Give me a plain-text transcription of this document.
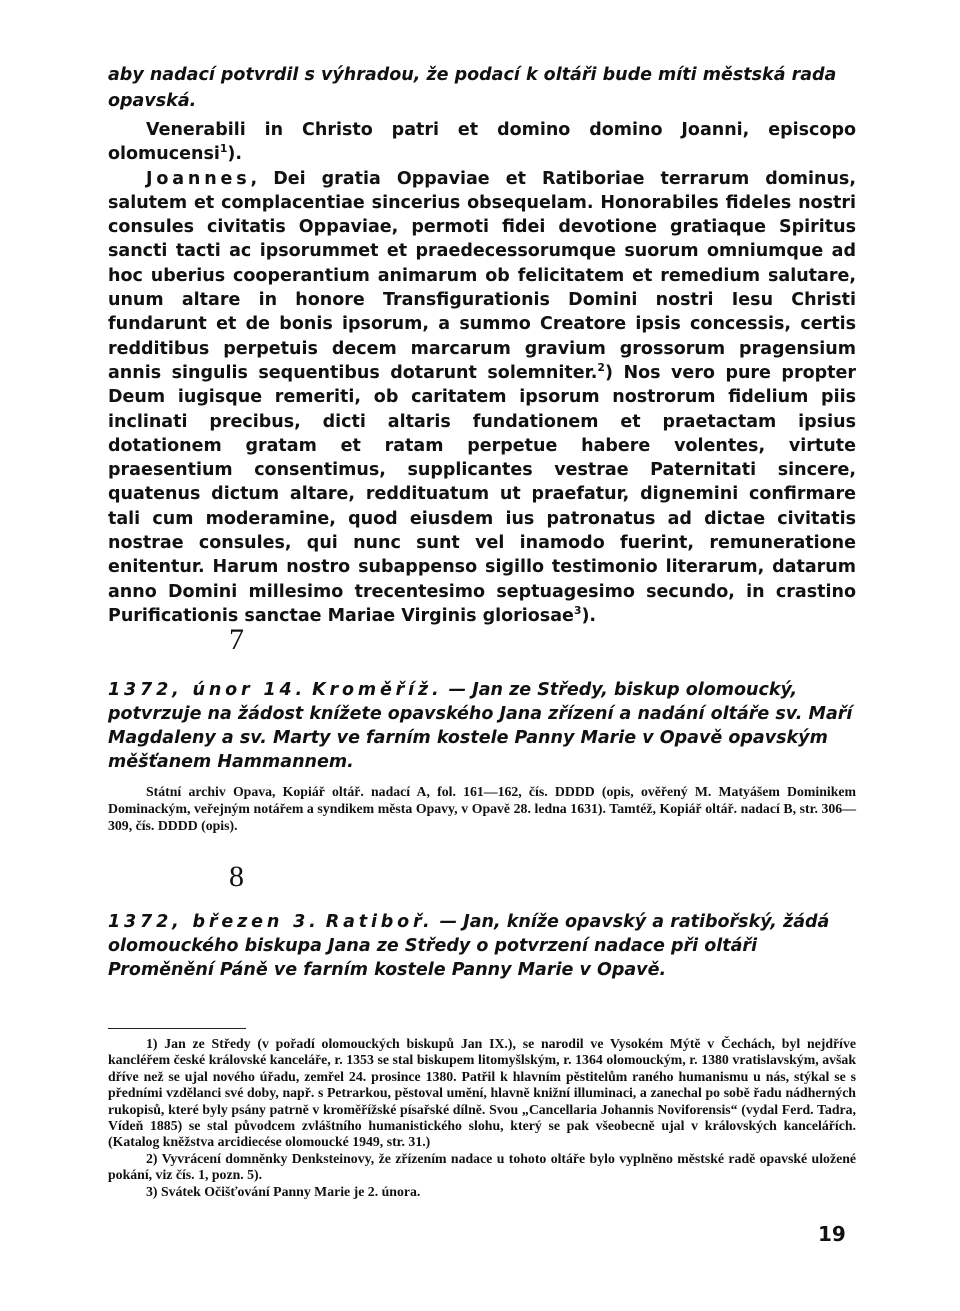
aby nadací potvrdil s výhradou, že podací k oltáři bude míti městská rada opavská.

Venerabili in Christo patri et domino domino Joanni, episcopo olomucensi$^1$).

Joannes, Dei gratia Oppaviae et Ratiboriae terrarum dominus, salutem et complacentiae sincerius obsequelam. Honorabiles fideles nostri consules civitatis Oppaviae, permoti fidei devotione gratiaque Spiritus sancti tacti ac ipsorummet et praedecessorumque suorum omniumque ad hoc uberius cooperantium animarum ob felicitatem et remedium salutare, unum altare in honore Transfigurationis Domini nostri Iesu Christi fundarunt et de bonis ipsorum, a summo Creatore ipsis concessis, certis redditibus perpetuis decem marcarum gravium grossorum pragensium annis singulis sequentibus dotarunt solemniter.$^2$) Nos vero pure propter Deum iugisque remeriti, ob caritatem ipsorum nostrorum fidelium piis inclinati precibus, dicti altaris fundationem et praetactam ipsius dotationem gratam et ratam perpetue habere volentes, virtute praesentium consentimus, supplicantes vestrae Paternitati sincere, quatenus dictum altare, reddituatum ut praefatur, dignemini confirmare tali cum moderamine, quod eiusdem ius patronatus ad dictae civitatis nostrae consules, qui nunc sunt vel inamodo fuerint, remuneratione enitentur. Harum nostro subappenso sigillo testimonio literarum, datarum anno Domini millesimo trecentesimo septuagesimo secundo, in crastino Purificationis sanctae Mariae Virginis gloriosae$^3$).

7
1372, únor 14. Kroměříž. — Jan ze Středy, biskup olomoucký, potvrzuje na žádost knížete opavského Jana zřízení a nadání oltáře sv. Maří Magdaleny a sv. Marty ve farním kostele Panny Marie v Opavě opavským měšťanem Hammannem.
Státní archiv Opava, Kopiář oltář. nadací A, fol. 161—162, čís. DDDD (opis, ověřený M. Matyášem Dominikem Dominackým, veřejným notářem a syndikem města Opavy, v Opavě 28. ledna 1631). Tamtéž, Kopiář oltář. nadací B, str. 306—309, čís. DDDD (opis).
8
1372, březen 3. Ratiboř. — Jan, kníže opavský a ratibořský, žádá olomouckého biskupa Jana ze Středy o potvrzení nadace při oltáři Proměnění Páně ve farním kostele Panny Marie v Opavě.

1) Jan ze Středy (v pořadí olomouckých biskupů Jan IX.), se narodil ve Vysokém Mýtě v Čechách, byl nejdříve kancléřem české královské kanceláře, r. 1353 se stal biskupem litomyšlským, r. 1364 olomouckým, r. 1380 vratislavským, avšak dříve než se ujal nového úřadu, zemřel 24. prosince 1380. Patřil k hlavním pěstitelům raného humanismu u nás, stýkal se s předními vzdělanci své doby, např. s Petrarkou, pěstoval umění, hlavně knižní illuminaci, a zanechal po sobě řadu nádherných rukopisů, které byly psány patrně v kroměřížské písařské dílně. Svou „Cancellaria Johannis Noviforensis“ (vydal Ferd. Tadra, Vídeň 1885) se stal původcem zvláštního humanistického slohu, který se pak všeobecně ujal v královských kancelářích. (Katalog kněžstva arcidiecése olomoucké 1949, str. 31.)

2) Vyvrácení domněnky Denksteinovy, že zřízením nadace u tohoto oltáře bylo vyplněno městské radě opavské uložené pokání, viz čís. 1, pozn. 5).

3) Svátek Očišťování Panny Marie je 2. února.

19
